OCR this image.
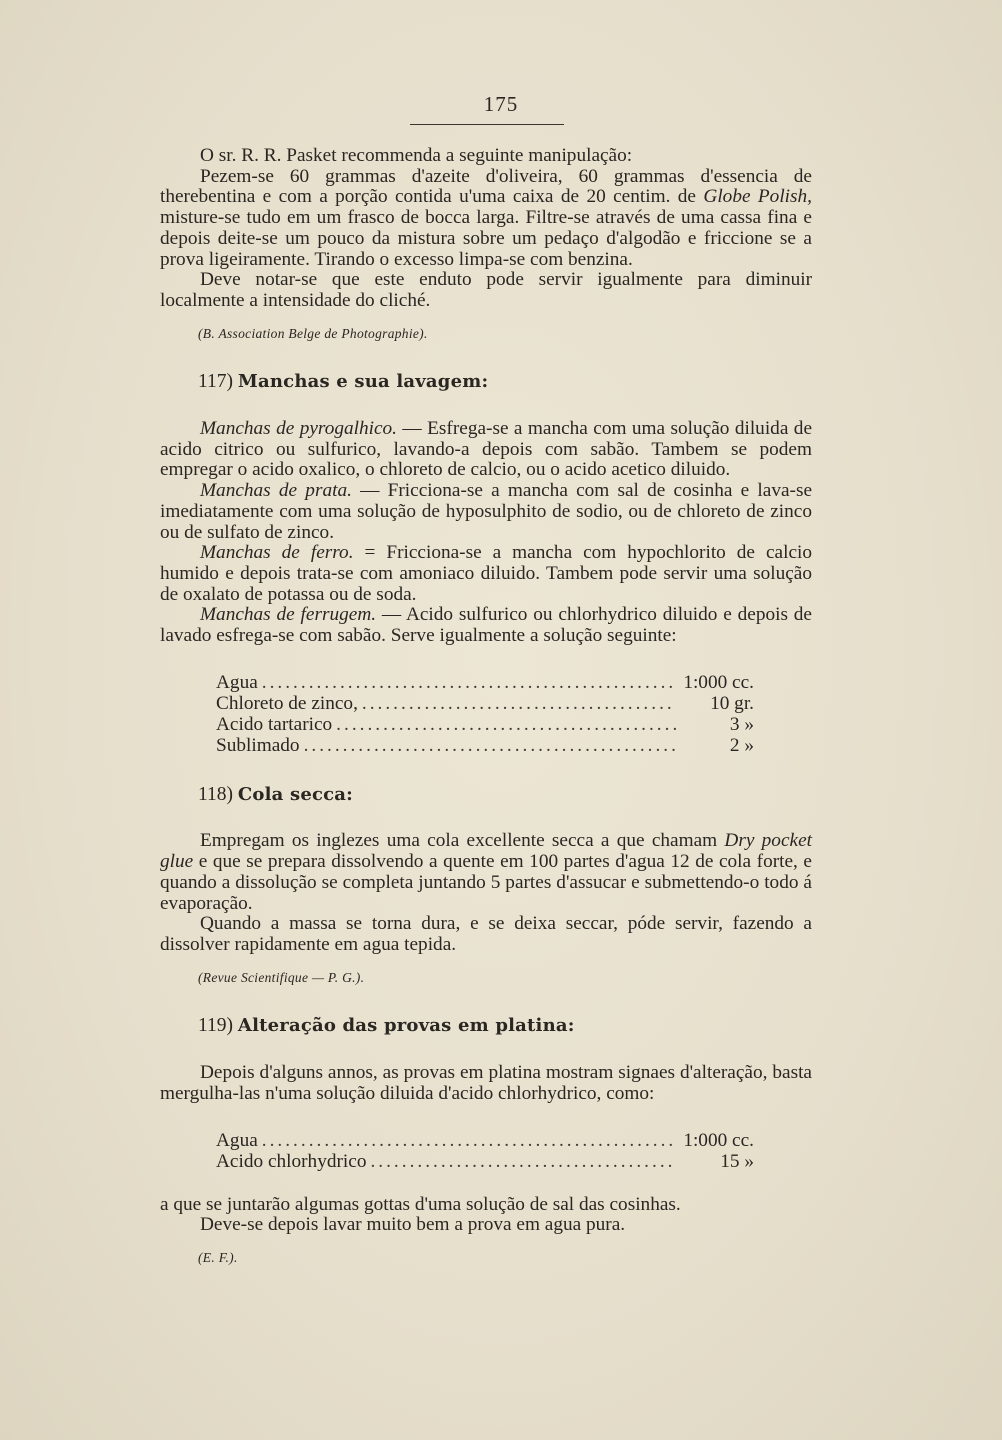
175

O sr. R. R. Pasket recommenda a seguinte manipulação:

Pezem-se 60 grammas d'azeite d'oliveira, 60 grammas d'essencia de therebentina e com a porção contida u'uma caixa de 20 centim. de Globe Polish, misture-se tudo em um frasco de bocca larga. Filtre-se através de uma cassa fina e depois deite-se um pouco da mistura sobre um pedaço d'algodão e friccione se a prova ligeiramente. Tirando o excesso limpa-se com benzina.

Deve notar-se que este enduto pode servir igualmente para diminuir localmente a intensidade do cliché.

(B. Association Belge de Photographie).

117) Manchas e sua lavagem:

Manchas de pyrogalhico. — Esfrega-se a mancha com uma solução diluida de acido citrico ou sulfurico, lavando-a depois com sabão. Tambem se podem empregar o acido oxalico, o chloreto de calcio, ou o acido acetico diluido.

Manchas de prata. — Fricciona-se a mancha com sal de cosinha e lava-se imediatamente com uma solução de hyposulphito de sodio, ou de chloreto de zinco ou de sulfato de zinco.

Manchas de ferro. = Fricciona-se a mancha com hypochlorito de calcio humido e depois trata-se com amoniaco diluido. Tambem pode servir uma solução de oxalato de potassa ou de soda.

Manchas de ferrugem. — Acido sulfurico ou chlorhydrico diluido e depois de lavado esfrega-se com sabão. Serve igualmente a solução seguinte:

Agua .....	1:000 cc.
Chloreto de zinco, .....	10 gr.
Acido tartarico .....	3 »
Sublimado .....	2 »
118) Cola secca:

Empregam os inglezes uma cola excellente secca a que chamam Dry pocket glue e que se prepara dissolvendo a quente em 100 partes d'agua 12 de cola forte, e quando a dissolução se completa juntando 5 partes d'assucar e submettendo-o todo á evaporação.

Quando a massa se torna dura, e se deixa seccar, póde servir, fazendo a dissolver rapidamente em agua tepida.

(Revue Scientifique — P. G.).

119) Alteração das provas em platina:

Depois d'alguns annos, as provas em platina mostram signaes d'alteração, basta mergulha-las n'uma solução diluida d'acido chlorhydrico, como:

Agua .....	1:000 cc.
Acido chlorhydrico .....	15 »

a que se juntarão algumas gottas d'uma solução de sal das cosinhas.

Deve-se depois lavar muito bem a prova em agua pura.

(E. F.).
